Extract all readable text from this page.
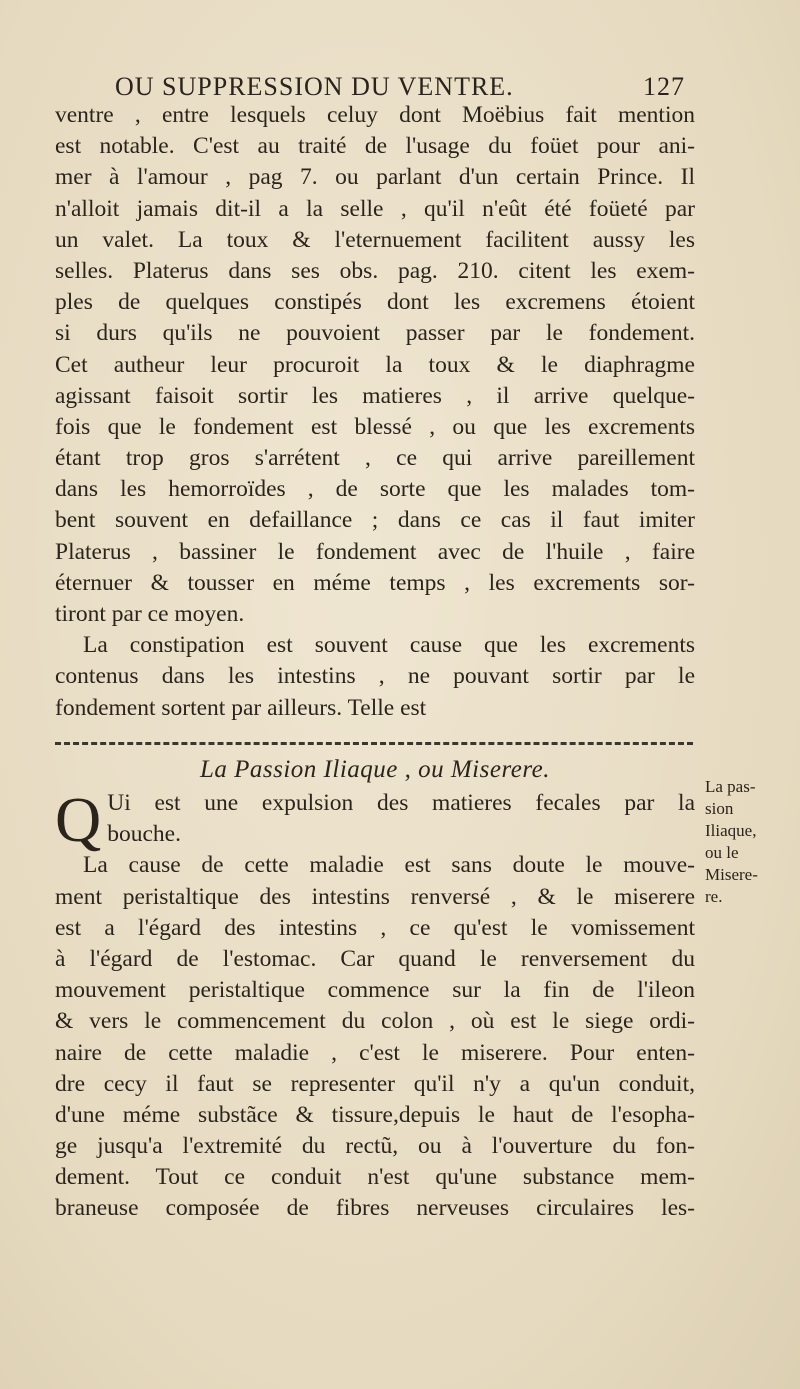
OU SUPPRESSION DU VENTRE.	127
ventre , entre lesquels celuy dont Moëbius fait mention
est notable. C'est au traité de l'usage du foüet pour ani-
mer à l'amour , pag 7. ou parlant d'un certain Prince. Il
n'alloit jamais dit-il a la selle , qu'il n'eût été foüeté par
un valet. La toux & l'eternuement facilitent aussy les
selles. Platerus dans ses obs. pag. 210. citent les exem-
ples de quelques constipés dont les excremens étoient
si durs qu'ils ne pouvoient passer par le fondement.
Cet autheur leur procuroit la toux & le diaphragme
agissant faisoit sortir les matieres , il arrive quelque-
fois que le fondement est blessé , ou que les excrements
étant trop gros s'arrétent , ce qui arrive pareillement
dans les hemorroïdes , de sorte que les malades tom-
bent souvent en defaillance ; dans ce cas il faut imiter
Platerus , bassiner le fondement avec de l'huile , faire
éternuer & tousser en méme temps , les excrements sor-
tiront par ce moyen.
La constipation est souvent cause que les excrements
contenus dans les intestins , ne pouvant sortir par le
fondement sortent par ailleurs. Telle est
La Passion Iliaque , ou Miserere.
Q Ui est une expulsion des matieres fecales par la
bouche.
La cause de cette maladie est sans doute le mouve-
ment peristaltique des intestins renversé , & le miserere
est a l'égard des intestins , ce qu'est le vomissement
à l'égard de l'estomac. Car quand le renversement du
mouvement peristaltique commence sur la fin de l'ileon
& vers le commencement du colon , où est le siege ordi-
naire de cette maladie , c'est le miserere. Pour enten-
dre cecy il faut se representer qu'il n'y a qu'un conduit,
d'une méme substãce & tissure,depuis le haut de l'esopha-
ge jusqu'a l'extremité du rectũ, ou à l'ouverture du fon-
dement. Tout ce conduit n'est qu'une substance mem-
braneuse composée de fibres nerveuses circulaires les-
La pas-
sion
Iliaque,
ou le
Misere-
re.
